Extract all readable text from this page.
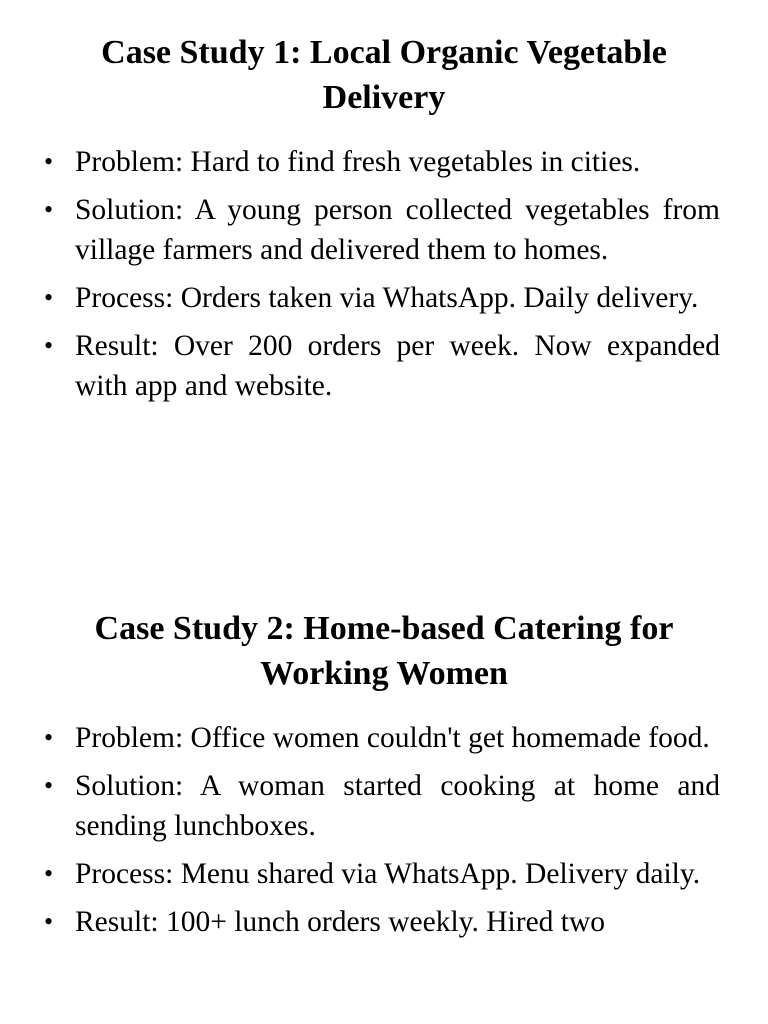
Case Study 1: Local Organic Vegetable Delivery
• Problem: Hard to find fresh vegetables in cities.
• Solution: A young person collected vegetables from village farmers and delivered them to homes.
• Process: Orders taken via WhatsApp. Daily delivery.
• Result: Over 200 orders per week. Now expanded with app and website.
Case Study 2: Home-based Catering for Working Women
• Problem: Office women couldn't get homemade food.
• Solution: A woman started cooking at home and sending lunchboxes.
• Process: Menu shared via WhatsApp. Delivery daily.
• Result: 100+ lunch orders weekly. Hired two
